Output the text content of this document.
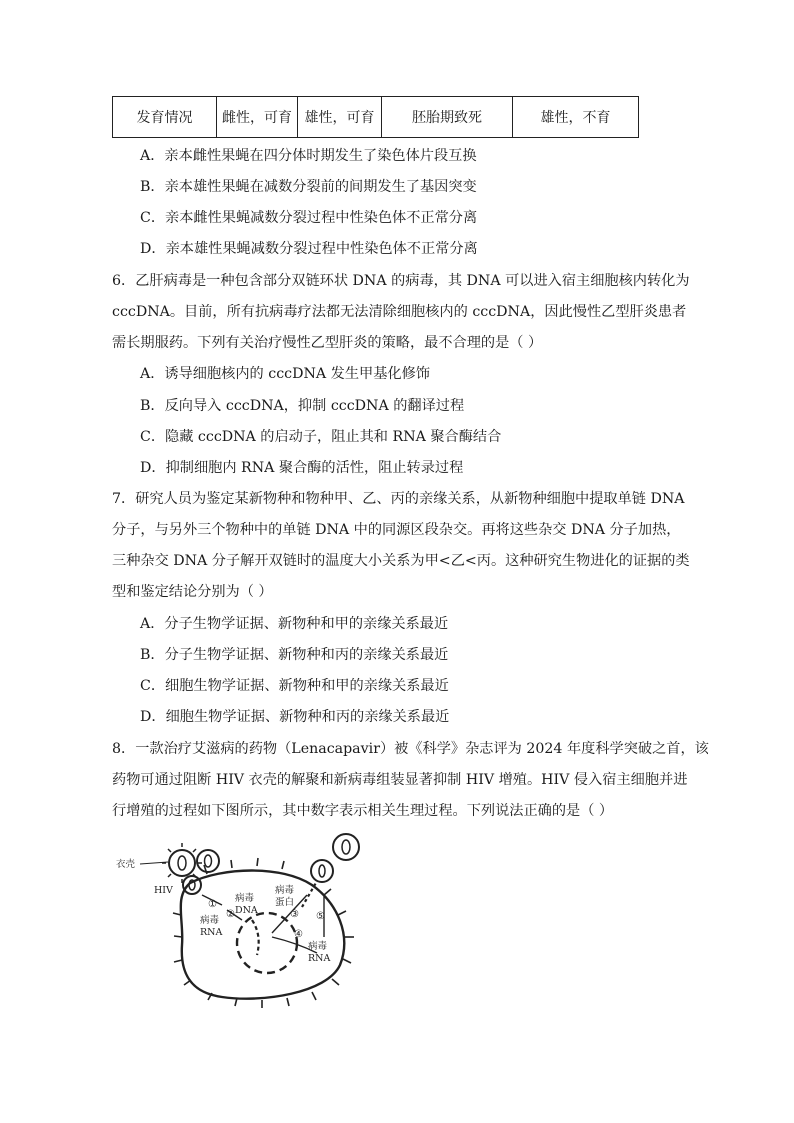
发育情况	雌性，可育	雄性，可育	胚胎期致死	雄性，不育
A．亲本雌性果蝇在四分体时期发生了染色体片段互换
B．亲本雄性果蝇在减数分裂前的间期发生了基因突变
C．亲本雌性果蝇减数分裂过程中性染色体不正常分离
D．亲本雄性果蝇减数分裂过程中性染色体不正常分离
6．乙肝病毒是一种包含部分双链环状 DNA 的病毒，其 DNA 可以进入宿主细胞核内转化为
cccDNA。目前，所有抗病毒疗法都无法清除细胞核内的 cccDNA，因此慢性乙型肝炎患者
需长期服药。下列有关治疗慢性乙型肝炎的策略，最不合理的是（ ）
A．诱导细胞核内的 cccDNA 发生甲基化修饰
B．反向导入 cccDNA，抑制 cccDNA 的翻译过程
C．隐藏 cccDNA 的启动子，阻止其和 RNA 聚合酶结合
D．抑制细胞内 RNA 聚合酶的活性，阻止转录过程
7．研究人员为鉴定某新物种和物种甲、乙、丙的亲缘关系，从新物种细胞中提取单链 DNA
分子，与另外三个物种中的单链 DNA 中的同源区段杂交。再将这些杂交 DNA 分子加热，
三种杂交 DNA 分子解开双链时的温度大小关系为甲<乙<丙。这种研究生物进化的证据的类
型和鉴定结论分别为（ ）
A．分子生物学证据、新物种和甲的亲缘关系最近
B．分子生物学证据、新物种和丙的亲缘关系最近
C．细胞生物学证据、新物种和甲的亲缘关系最近
D．细胞生物学证据、新物种和丙的亲缘关系最近
8．一款治疗艾滋病的药物（Lenacapavir）被《科学》杂志评为 2024 年度科学突破之首，该
药物可通过阻断 HIV 衣壳的解聚和新病毒组装显著抑制 HIV 增殖。HIV 侵入宿主细胞并进
行增殖的过程如下图所示，其中数字表示相关生理过程。下列说法正确的是（ ）
衣壳
HIV
病毒
RNA
病毒
DNA
病毒
蛋白
病毒
RNA
①
②	③
④
⑤
